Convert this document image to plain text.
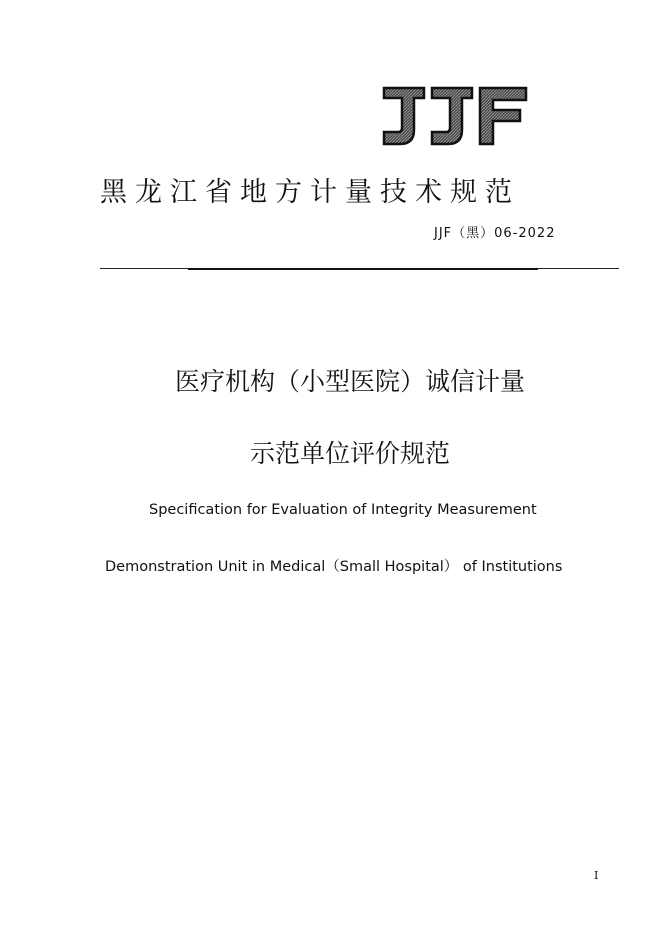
黑龙江省地方计量技术规范
JJF（黑）06-2022
医疗机构（小型医院）诚信计量
示范单位评价规范
Specification for Evaluation of Integrity Measurement
Demonstration Unit in Medical（Small Hospital） of Institutions
I
